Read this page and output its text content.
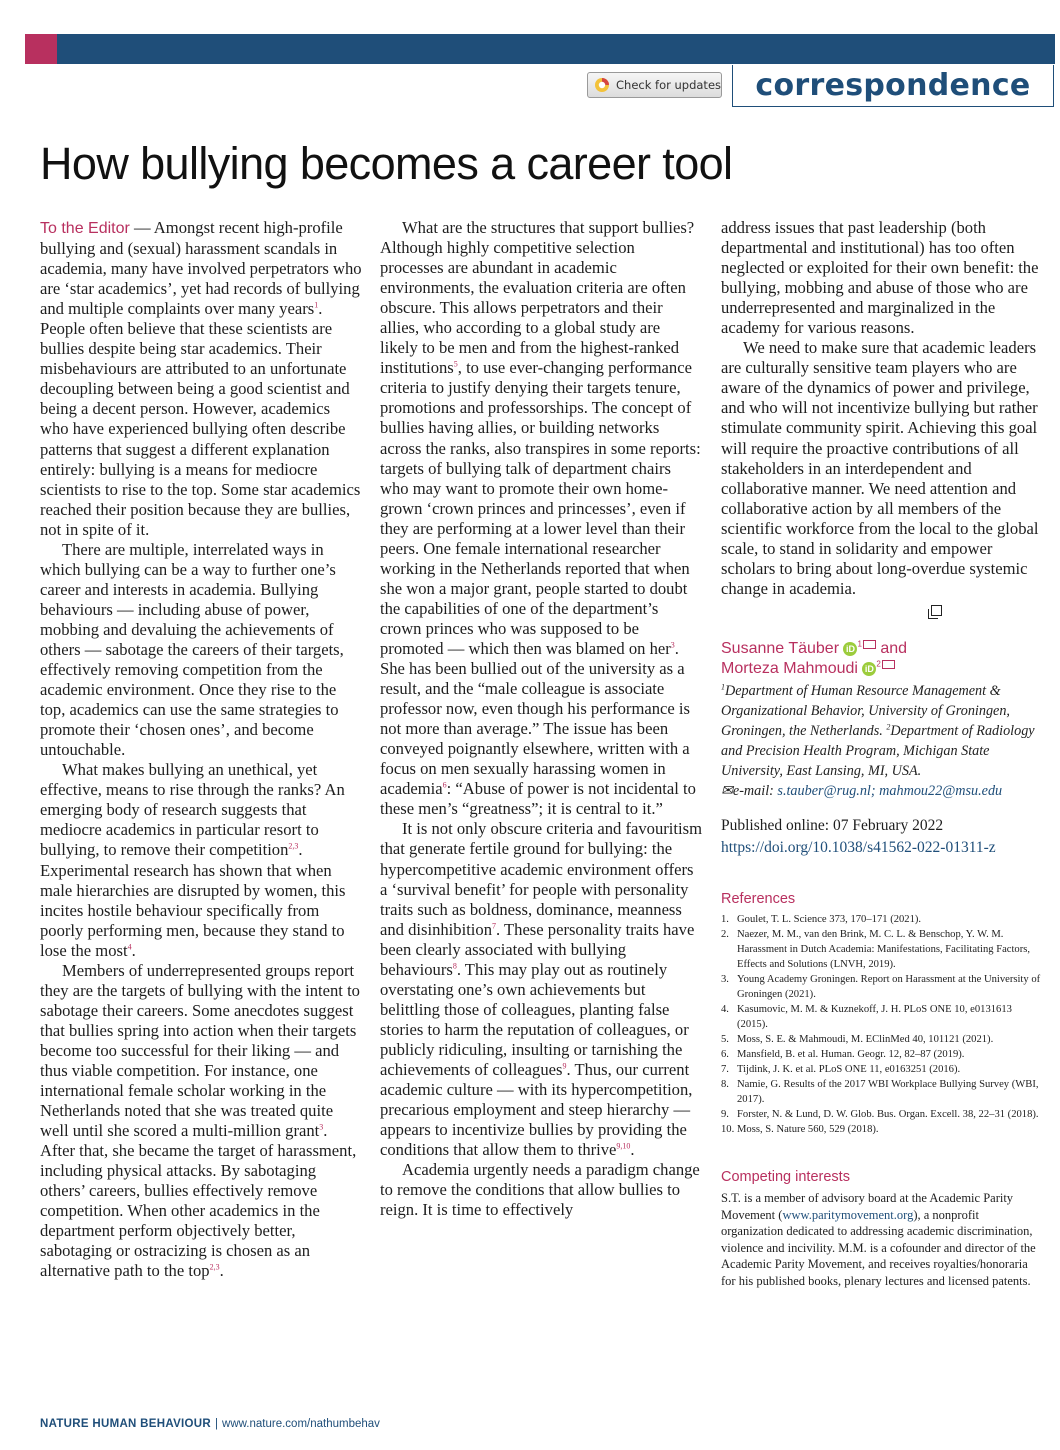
Check for updates	correspondence
How bullying becomes a career tool

To the Editor — Amongst recent high-profile bullying and (sexual) harassment scandals in academia, many have involved perpetrators who are ‘star academics’, yet had records of bullying and multiple complaints over many years$^1$. People often believe that these scientists are bullies despite being star academics. Their misbehaviours are attributed to an unfortunate decoupling between being a good scientist and being a decent person. However, academics who have experienced bullying often describe patterns that suggest a different explanation entirely: bullying is a means for mediocre scientists to rise to the top. Some star academics reached their position because they are bullies, not in spite of it.

There are multiple, interrelated ways in which bullying can be a way to further one’s career and interests in academia. Bullying behaviours — including abuse of power, mobbing and devaluing the achievements of others — sabotage the careers of their targets, effectively removing competition from the academic environment. Once they rise to the top, academics can use the same strategies to promote their ‘chosen ones’, and become untouchable.

What makes bullying an unethical, yet effective, means to rise through the ranks? An emerging body of research suggests that mediocre academics in particular resort to bullying, to remove their competition$^{2,3}$. Experimental research has shown that when male hierarchies are disrupted by women, this incites hostile behaviour specifically from poorly performing men, because they stand to lose the most$^4$.

Members of underrepresented groups report they are the targets of bullying with the intent to sabotage their careers. Some anecdotes suggest that bullies spring into action when their targets become too successful for their liking — and thus viable competition. For instance, one international female scholar working in the Netherlands noted that she was treated quite well until she scored a multi-million grant$^3$. After that, she became the target of harassment, including physical attacks. By sabotaging others’ careers, bullies effectively remove competition. When other academics in the department perform objectively better, sabotaging or ostracizing is chosen as an alternative path to the top$^{2,3}$.

What are the structures that support bullies? Although highly competitive selection processes are abundant in academic environments, the evaluation criteria are often obscure. This allows perpetrators and their allies, who according to a global study are likely to be men and from the highest-ranked institutions$^5$, to use ever-changing performance criteria to justify denying their targets tenure, promotions and professorships. The concept of bullies having allies, or building networks across the ranks, also transpires in some reports: targets of bullying talk of department chairs who may want to promote their own home-grown ‘crown princes and princesses’, even if they are performing at a lower level than their peers. One female international researcher working in the Netherlands reported that when she won a major grant, people started to doubt the capabilities of one of the department’s crown princes who was supposed to be promoted — which then was blamed on her$^3$. She has been bullied out of the university as a result, and the “male colleague is associate professor now, even though his performance is not more than average.” The issue has been conveyed poignantly elsewhere, written with a focus on men sexually harassing women in academia$^6$: “Abuse of power is not incidental to these men’s “greatness”; it is central to it.”

It is not only obscure criteria and favouritism that generate fertile ground for bullying: the hypercompetitive academic environment offers a ‘survival benefit’ for people with personality traits such as boldness, dominance, meanness and disinhibition$^7$. These personality traits have been clearly associated with bullying behaviours$^8$. This may play out as routinely overstating one’s own achievements but belittling those of colleagues, planting false stories to harm the reputation of colleagues, or publicly ridiculing, insulting or tarnishing the achievements of colleagues$^9$. Thus, our current academic culture — with its hypercompetition, precarious employment and steep hierarchy — appears to incentivize bullies by providing the conditions that allow them to thrive$^{9,10}$.

Academia urgently needs a paradigm change to remove the conditions that allow bullies to reign. It is time to effectively

address issues that past leadership (both departmental and institutional) has too often neglected or exploited for their own benefit: the bullying, mobbing and abuse of those who are underrepresented and marginalized in the academy for various reasons.

We need to make sure that academic leaders are culturally sensitive team players who are aware of the dynamics of power and privilege, and who will not incentivize bullying but rather stimulate community spirit. Achieving this goal will require the proactive contributions of all stakeholders in an interdependent and collaborative manner. We need attention and collaborative action by all members of the scientific workforce from the local to the global scale, to stand in solidarity and empower scholars to bring about long-overdue systemic change in academia.

Susanne Täuber iD $^1$ and
Morteza Mahmoudi iD $^2$
$^1$Department of Human Resource Management & Organizational Behavior, University of Groningen, Groningen, the Netherlands. $^2$Department of Radiology and Precision Health Program, Michigan State University, East Lansing, MI, USA.
✉e-mail: s.tauber@rug.nl; mahmou22@msu.edu
Published online: 07 February 2022
https://doi.org/10.1038/s41562-022-01311-z
References
1. Goulet, T. L. Science 373, 170–171 (2021).
2. Naezer, M. M., van den Brink, M. C. L. & Benschop, Y. W. M. Harassment in Dutch Academia: Manifestations, Facilitating Factors, Effects and Solutions (LNVH, 2019).
3. Young Academy Groningen. Report on Harassment at the University of Groningen (2021).
4. Kasumovic, M. M. & Kuznekoff, J. H. PLoS ONE 10, e0131613 (2015).
5. Moss, S. E. & Mahmoudi, M. EClinMed 40, 101121 (2021).
6. Mansfield, B. et al. Human. Geogr. 12, 82–87 (2019).
7. Tijdink, J. K. et al. PLoS ONE 11, e0163251 (2016).
8. Namie, G. Results of the 2017 WBI Workplace Bullying Survey (WBI, 2017).
9. Forster, N. & Lund, D. W. Glob. Bus. Organ. Excell. 38, 22–31 (2018).
10. Moss, S. Nature 560, 529 (2018).
Competing interests
S.T. is a member of advisory board at the Academic Parity Movement (www.paritymovement.org), a nonprofit organization dedicated to addressing academic discrimination, violence and incivility. M.M. is a cofounder and director of the Academic Parity Movement, and receives royalties/honoraria for his published books, plenary lectures and licensed patents.
NATURE HUMAN BEHAVIOUR | www.nature.com/nathumbehav
